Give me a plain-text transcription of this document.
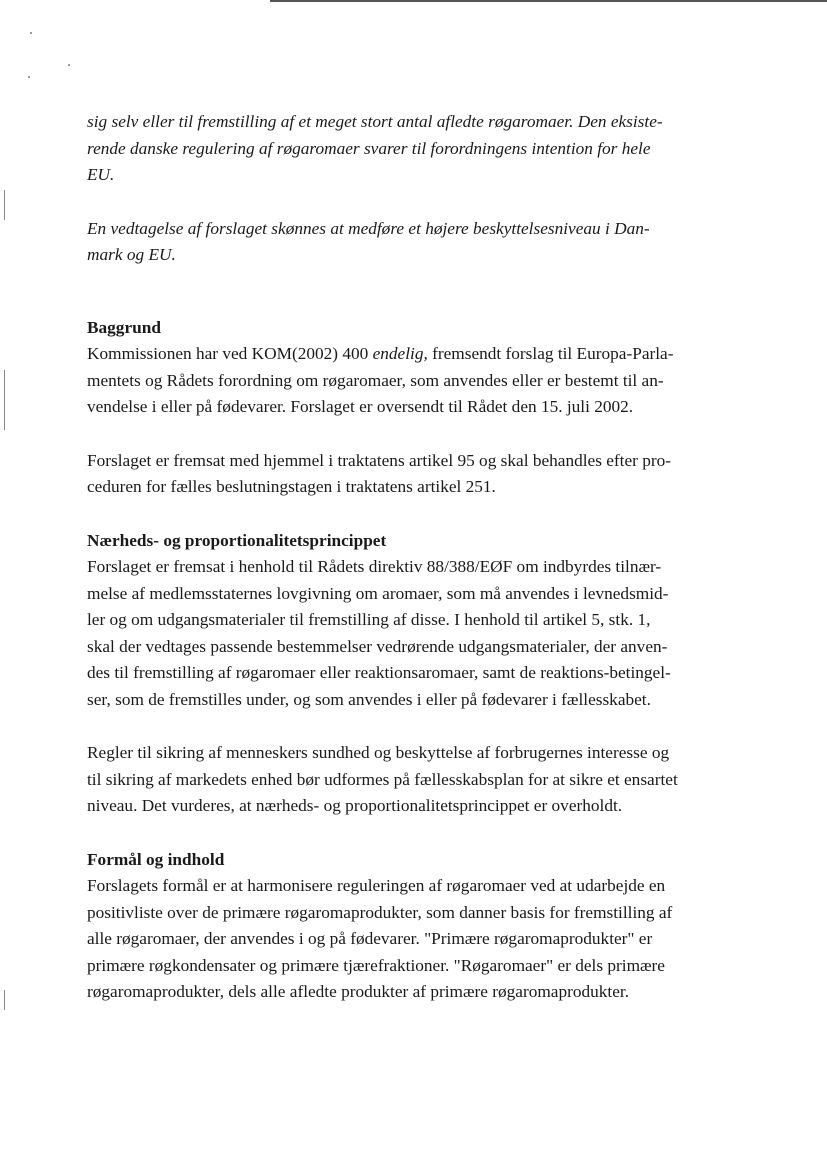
sig selv eller til fremstilling af et meget stort antal afledte røgaromaer. Den eksiste-
rende danske regulering af røgaromaer svarer til forordningens intention for hele
EU.

En vedtagelse af forslaget skønnes at medføre et højere beskyttelsesniveau i Dan-
mark og EU.

Baggrund

Kommissionen har ved KOM(2002) 400 endelig, fremsendt forslag til Europa-Parla-
mentets og Rådets forordning om røgaromaer, som anvendes eller er bestemt til an-
vendelse i eller på fødevarer. Forslaget er oversendt til Rådet den 15. juli 2002.

Forslaget er fremsat med hjemmel i traktatens artikel 95 og skal behandles efter pro-
ceduren for fælles beslutningstagen i traktatens artikel 251.

Nærheds- og proportionalitetsprincippet

Forslaget er fremsat i henhold til Rådets direktiv 88/388/EØF om indbyrdes tilnær-
melse af medlemsstaternes lovgivning om aromaer, som må anvendes i levnedsmid-
ler og om udgangsmaterialer til fremstilling af disse. I henhold til artikel 5, stk. 1,
skal der vedtages passende bestemmelser vedrørende udgangsmaterialer, der anven-
des til fremstilling af røgaromaer eller reaktionsaromaer, samt de reaktions-betingel-
ser, som de fremstilles under, og som anvendes i eller på fødevarer i fællesskabet.

Regler til sikring af menneskers sundhed og beskyttelse af forbrugernes interesse og
til sikring af markedets enhed bør udformes på fællesskabsplan for at sikre et ensartet
niveau. Det vurderes, at nærheds- og proportionalitetsprincippet er overholdt.

Formål og indhold

Forslagets formål er at harmonisere reguleringen af røgaromaer ved at udarbejde en
positivliste over de primære røgaromaprodukter, som danner basis for fremstilling af
alle røgaromaer, der anvendes i og på fødevarer. "Primære røgaromaprodukter" er
primære røgkondensater og primære tjærefraktioner. "Røgaromaer" er dels primære
røgaromaprodukter, dels alle afledte produkter af primære røgaromaprodukter.
